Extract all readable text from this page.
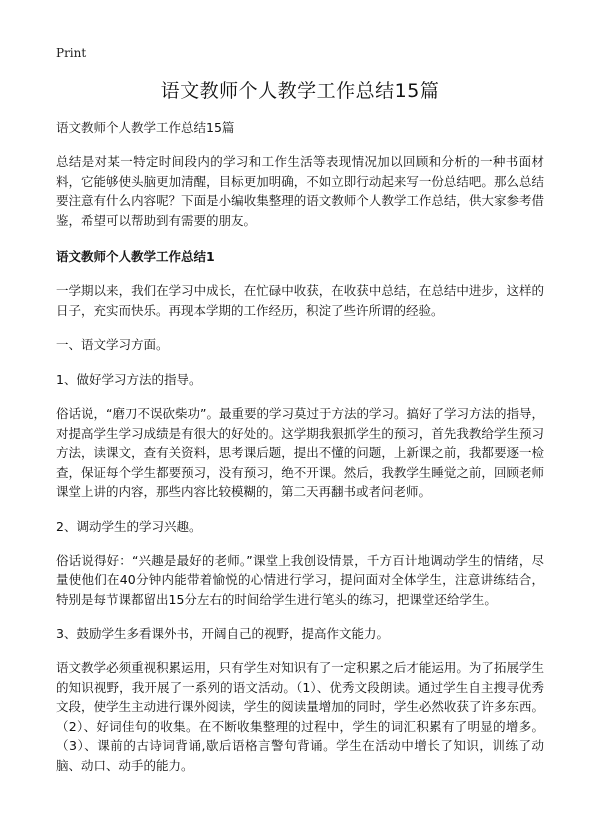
Print
语文教师个人教学工作总结15篇

语文教师个人教学工作总结15篇

总结是对某一特定时间段内的学习和工作生活等表现情况加以回顾和分析的一种书面材料，它能够使头脑更加清醒，目标更加明确，不如立即行动起来写一份总结吧。那么总结要注意有什么内容呢？下面是小编收集整理的语文教师个人教学工作总结，供大家参考借鉴，希望可以帮助到有需要的朋友。

语文教师个人教学工作总结1

一学期以来，我们在学习中成长，在忙碌中收获，在收获中总结，在总结中进步，这样的日子，充实而快乐。再现本学期的工作经历，积淀了些许所谓的经验。

一、语文学习方面。

1、做好学习方法的指导。

俗话说，“磨刀不误砍柴功”。最重要的学习莫过于方法的学习。搞好了学习方法的指导，对提高学生学习成绩是有很大的好处的。这学期我狠抓学生的预习，首先我教给学生预习方法，读课文，查有关资料，思考课后题，提出不懂的问题，上新课之前，我都要逐一检查，保证每个学生都要预习，没有预习，绝不开课。然后，我教学生睡觉之前，回顾老师课堂上讲的内容，那些内容比较模糊的，第二天再翻书或者问老师。

2、调动学生的学习兴趣。

俗话说得好：“兴趣是最好的老师。”课堂上我创设情景，千方百计地调动学生的情绪，尽量使他们在40分钟内能带着愉悦的心情进行学习，提问面对全体学生，注意讲练结合，特别是每节课都留出15分左右的时间给学生进行笔头的练习，把课堂还给学生。

3、鼓励学生多看课外书，开阔自己的视野，提高作文能力。

语文教学必须重视积累运用，只有学生对知识有了一定积累之后才能运用。为了拓展学生的知识视野，我开展了一系列的语文活动。（1）、优秀文段朗读。通过学生自主搜寻优秀文段，使学生主动进行课外阅读，学生的阅读量增加的同时，学生必然收获了许多东西。（2）、好词佳句的收集。在不断收集整理的过程中，学生的词汇积累有了明显的增多。（3）、课前的古诗词背诵,歇后语格言警句背诵。学生在活动中增长了知识，训练了动脑、动口、动手的能力。
